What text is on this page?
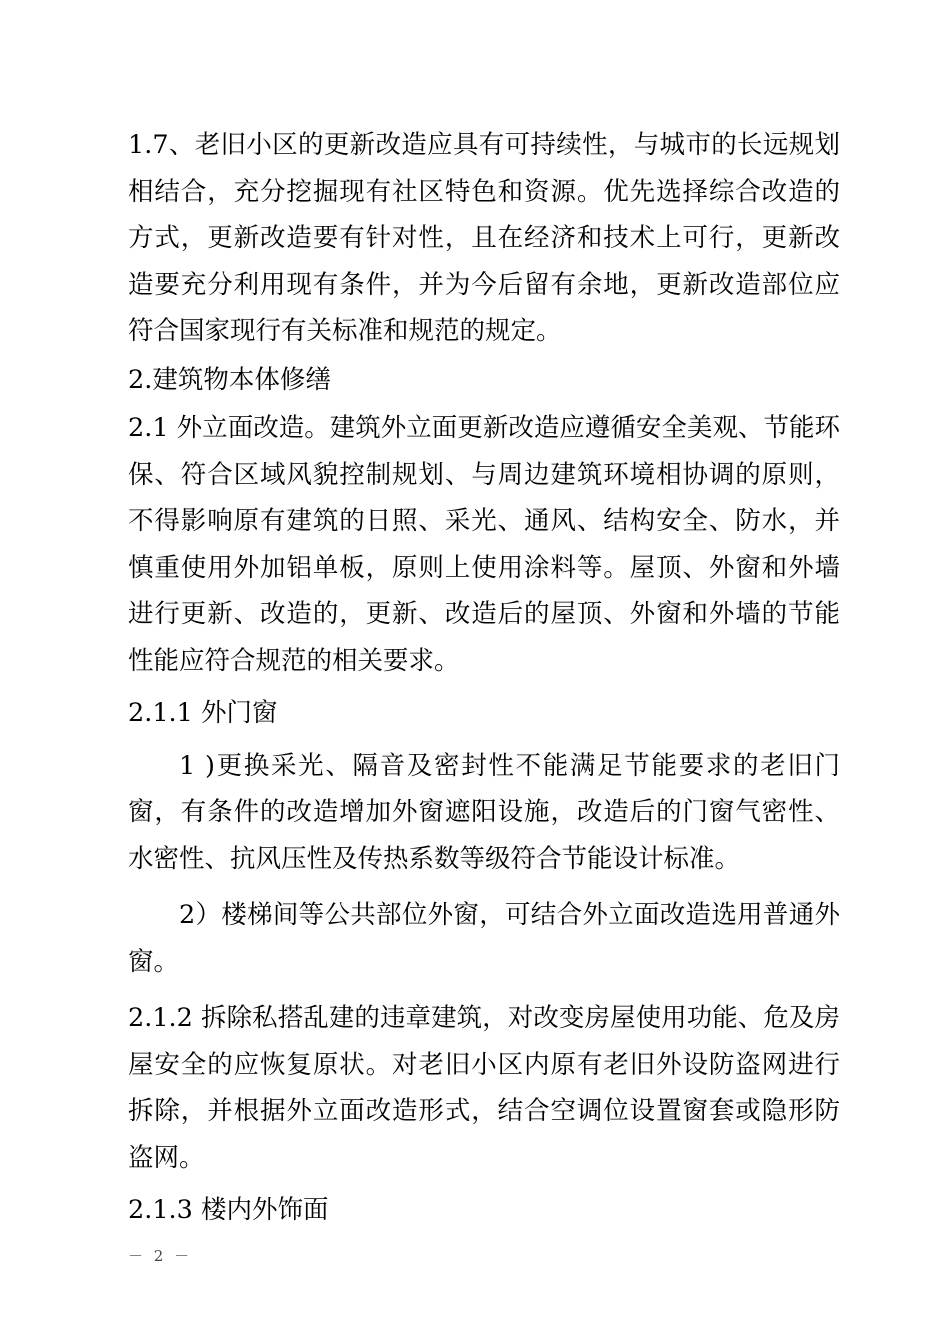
1.7、老旧小区的更新改造应具有可持续性，与城市的长远规划相结合，充分挖掘现有社区特色和资源。优先选择综合改造的方式，更新改造要有针对性，且在经济和技术上可行，更新改造要充分利用现有条件，并为今后留有余地，更新改造部位应符合国家现行有关标准和规范的规定。

2.建筑物本体修缮

2.1 外立面改造。建筑外立面更新改造应遵循安全美观、节能环保、符合区域风貌控制规划、与周边建筑环境相协调的原则，不得影响原有建筑的日照、采光、通风、结构安全、防水，并慎重使用外加铝单板，原则上使用涂料等。屋顶、外窗和外墙进行更新、改造的，更新、改造后的屋顶、外窗和外墙的节能性能应符合规范的相关要求。

2.1.1 外门窗

1 )更换采光、隔音及密封性不能满足节能要求的老旧门窗，有条件的改造增加外窗遮阳设施，改造后的门窗气密性、水密性、抗风压性及传热系数等级符合节能设计标准。

2）楼梯间等公共部位外窗，可结合外立面改造选用普通外窗。

2.1.2 拆除私搭乱建的违章建筑，对改变房屋使用功能、危及房屋安全的应恢复原状。对老旧小区内原有老旧外设防盗网进行拆除，并根据外立面改造形式，结合空调位设置窗套或隐形防盗网。

2.1.3 楼内外饰面

－ 2 －
